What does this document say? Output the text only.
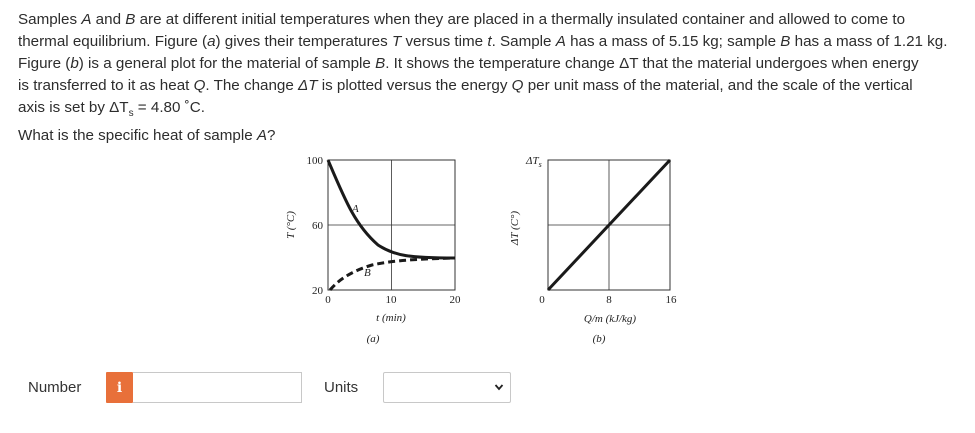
Samples A and B are at different initial temperatures when they are placed in a thermally insulated container and allowed to come to
thermal equilibrium. Figure (a) gives their temperatures T versus time t. Sample A has a mass of 5.15 kg; sample B has a mass of 1.21 kg.
Figure (b) is a general plot for the material of sample B. It shows the temperature change ΔT that the material undergoes when energy
is transferred to it as heat Q. The change ΔT is plotted versus the energy Q per unit mass of the material, and the scale of the vertical
axis is set by $\Delta T_s = 4.80$ ˚C.
What is the specific heat of sample A?

A
B
100
60
20
T (°C)
0	10	20
t (min)
(a)
$\Delta T_s$
ΔT (C°)
0	8	16
Q/m (kJ/kg)
(b)
Number	i	Units
